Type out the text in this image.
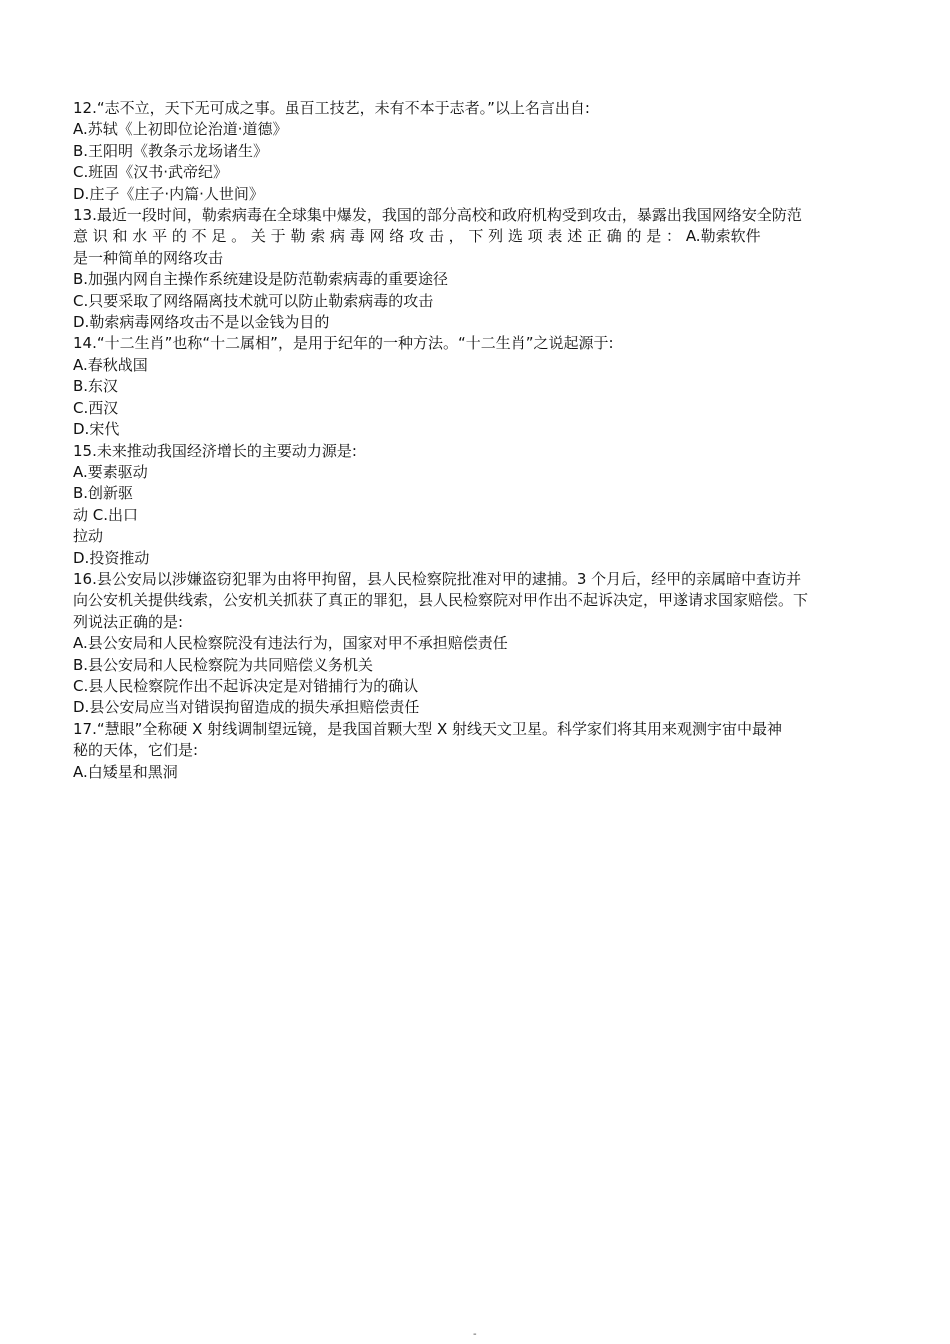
12.“志不立，天下无可成之事。虽百工技艺，未有不本于志者。”以上名言出自:

A.苏轼《上初即位论治道·道德》

B.王阳明《教条示龙场诸生》

C.班固《汉书·武帝纪》

D.庄子《庄子·内篇·人世间》

13.最近一段时间，勒索病毒在全球集中爆发，我国的部分高校和政府机构受到攻击，暴露出我国网络安全防范

意 识 和 水 平 的 不 足 。 关 于 勒 索 病 毒 网 络 攻 击 ， 下 列 选 项 表 述 正 确 的 是 ： A.勒索软件

是一种简单的网络攻击

B.加强内网自主操作系统建设是防范勒索病毒的重要途径

C.只要采取了网络隔离技术就可以防止勒索病毒的攻击

D.勒索病毒网络攻击不是以金钱为目的

14.“十二生肖”也称“十二属相”，是用于纪年的一种方法。“十二生肖”之说起源于:

A.春秋战国

B.东汉

C.西汉

D.宋代

15.未来推动我国经济增长的主要动力源是:

A.要素驱动

B.创新驱

动 C.出口

拉动

D.投资推动

16.县公安局以涉嫌盗窃犯罪为由将甲拘留，县人民检察院批准对甲的逮捕。3 个月后，经甲的亲属暗中查访并

向公安机关提供线索，公安机关抓获了真正的罪犯，县人民检察院对甲作出不起诉决定，甲遂请求国家赔偿。下

列说法正确的是:

A.县公安局和人民检察院没有违法行为，国家对甲不承担赔偿责任

B.县公安局和人民检察院为共同赔偿义务机关

C.县人民检察院作出不起诉决定是对错捕行为的确认

D.县公安局应当对错误拘留造成的损失承担赔偿责任

17.“慧眼”全称硬 X 射线调制望远镜，是我国首颗大型 X 射线天文卫星。科学家们将其用来观测宇宙中最神

秘的天体，它们是:

A.白矮星和黑洞

-
